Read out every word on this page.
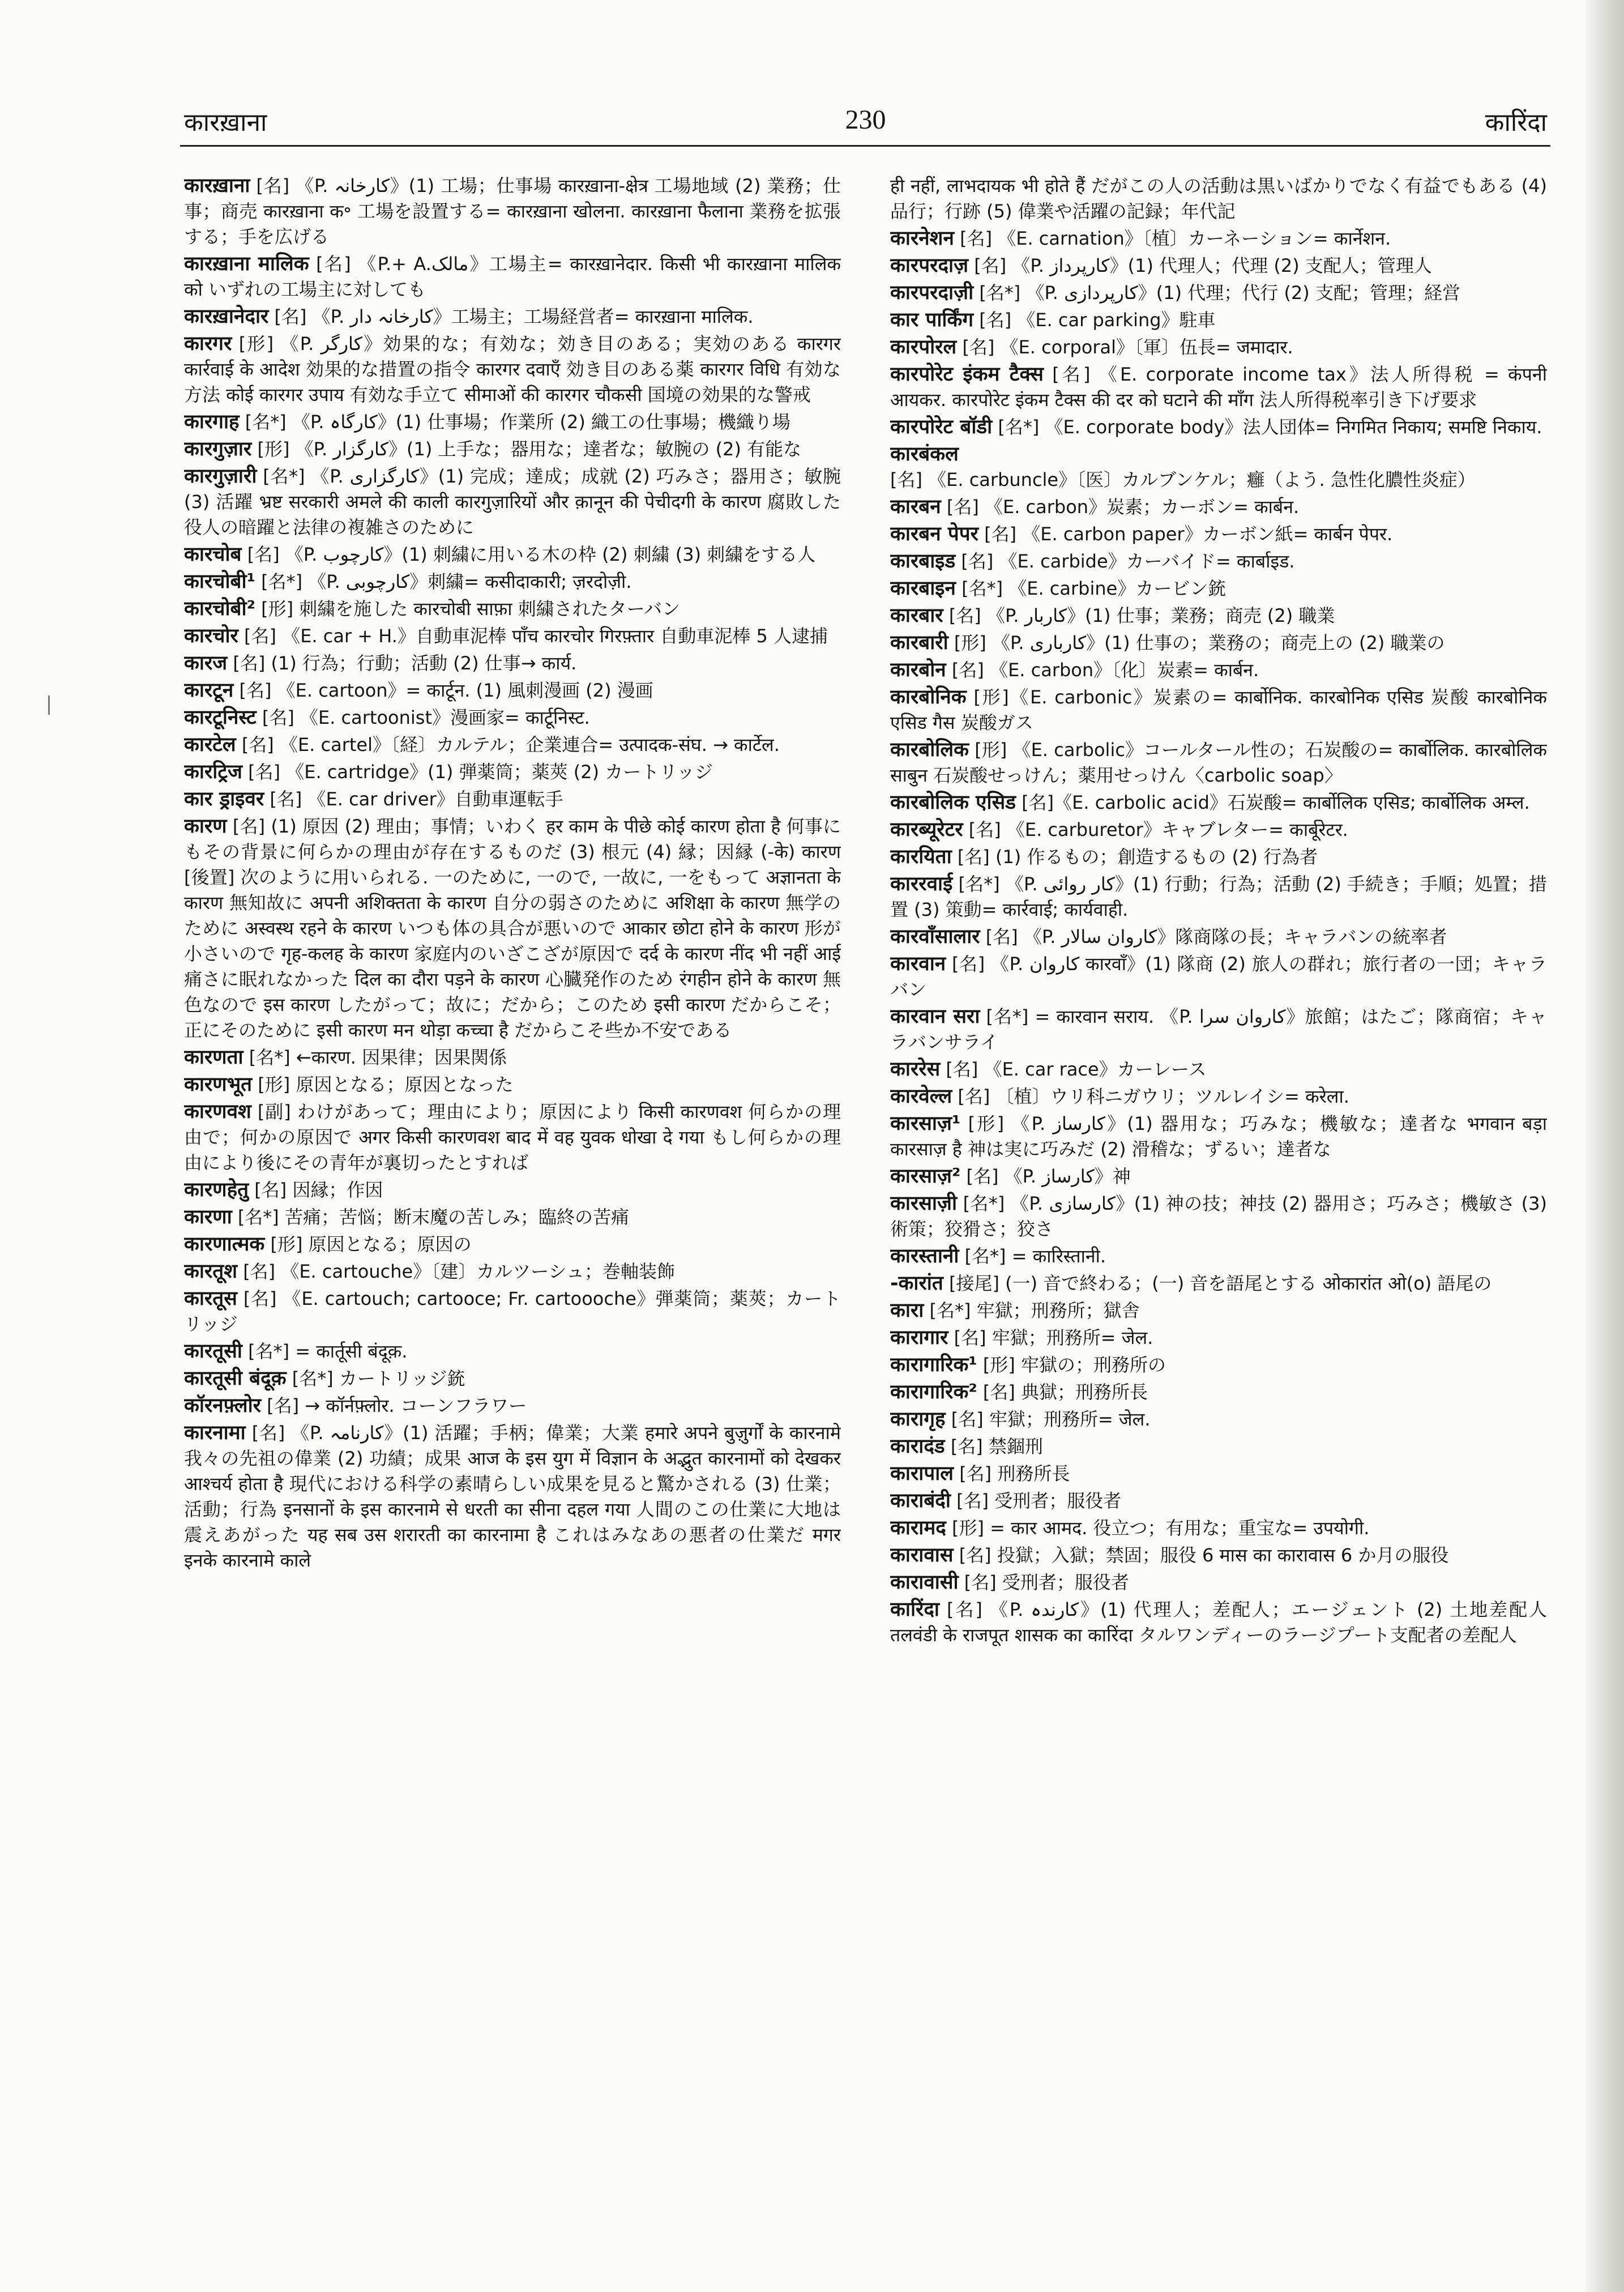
कारख़ाना	230	कारिंदा

कारख़ाना [名] 《P. کارخانہ》(1) 工場；仕事場 कारख़ाना-क्षेत्र 工場地域 (2) 業務；仕事；商売 कारख़ाना क॰ 工場を設置する= कारख़ाना खोलना. कारख़ाना फैलाना 業務を拡張する；手を広げる

कारख़ाना मालिक [名] 《P.+ A.مالک》工場主= कारख़ानेदार. किसी भी कारख़ाना मालिक को いずれの工場主に対しても

कारख़ानेदार [名] 《P. کارخانہ دار》工場主；工場経営者= कारख़ाना मालिक.

कारगर [形] 《P. کارگر》効果的な；有効な；効き目のある；実効のある कारगर कार्रवाई के आदेश 効果的な措置の指令 कारगर दवाएँ 効き目のある薬 कारगर विधि 有効な方法 कोई कारगर उपाय 有効な手立て सीमाओं की कारगर चौकसी 国境の効果的な警戒

कारगाह [名*] 《P. کارگاہ》(1) 仕事場；作業所 (2) 織工の仕事場；機織り場

कारगुज़ार [形] 《P. کارگزار》(1) 上手な；器用な；達者な；敏腕の (2) 有能な

कारगुज़ारी [名*] 《P. کارگزاری》(1) 完成；達成；成就 (2) 巧みさ；器用さ；敏腕 (3) 活躍 भ्रष्ट सरकारी अमले की काली कारगुज़ारियों और क़ानून की पेचीदगी के कारण 腐敗した役人の暗躍と法律の複雑さのために

कारचोब [名] 《P. کارچوب》(1) 刺繍に用いる木の枠 (2) 刺繍 (3) 刺繍をする人

कारचोबी¹ [名*] 《P. کارچوبی》刺繍= कसीदाकारी; ज़रदोज़ी.

कारचोबी² [形] 刺繍を施した कारचोबी साफ़ा 刺繍されたターバン

कारचोर [名] 《E. car + H.》自動車泥棒 पाँच कारचोर गिरफ़्तार 自動車泥棒 5 人逮捕

कारज [名] (1) 行為；行動；活動 (2) 仕事→ कार्य.

कारटून [名] 《E. cartoon》= कार्टून. (1) 風刺漫画 (2) 漫画

कारटूनिस्ट [名] 《E. cartoonist》漫画家= कार्टूनिस्ट.

कारटेल [名] 《E. cartel》〔経〕カルテル；企業連合= उत्पादक-संघ. → कार्टेल.

कारट्रिज [名] 《E. cartridge》(1) 弾薬筒；薬莢 (2) カートリッジ

कार ड्राइवर [名] 《E. car driver》自動車運転手

कारण [名] (1) 原因 (2) 理由；事情；いわく हर काम के पीछे कोई कारण होता है 何事にもその背景に何らかの理由が存在するものだ (3) 根元 (4) 縁；因縁 (-के) कारण [後置] 次のように用いられる. 一のために, 一ので, 一故に, 一をもって अज्ञानता के कारण 無知故に अपनी अशिक्तता के कारण 自分の弱さのために अशिक्षा के कारण 無学のために अस्वस्थ रहने के कारण いつも体の具合が悪いので आकार छोटा होने के कारण 形が小さいので गृह-कलह के कारण 家庭内のいざこざが原因で दर्द के कारण नींद भी नहीं आई 痛さに眠れなかった दिल का दौरा पड़ने के कारण 心臓発作のため रंगहीन होने के कारण 無色なので इस कारण したがって；故に；だから；このため इसी कारण だからこそ；正にそのために इसी कारण मन थोड़ा कच्चा है だからこそ些か不安である

कारणता [名*] ←कारण. 因果律；因果関係

कारणभूत [形] 原因となる；原因となった

कारणवश [副] わけがあって；理由により；原因により किसी कारणवश 何らかの理由で；何かの原因で अगर किसी कारणवश बाद में वह युवक धोखा दे गया もし何らかの理由により後にその青年が裏切ったとすれば

कारणहेतु [名] 因縁；作因

कारणा [名*] 苦痛；苦悩；断末魔の苦しみ；臨終の苦痛

कारणात्मक [形] 原因となる；原因の

कारतूश [名] 《E. cartouche》〔建〕カルツーシュ；巻軸装飾

कारतूस [名] 《E. cartouch; cartooce; Fr. cartoooche》弾薬筒；薬莢；カートリッジ

कारतूसी [名*] = कार्तूसी बंदूक़.

कारतूसी बंदूक़ [名*] カートリッジ銃

कॉरनफ़्लोर [名] → कॉर्नफ़्लोर. コーンフラワー

कारनामा [名] 《P. کارنامہ》(1) 活躍；手柄；偉業；大業 हमारे अपने बुज़ुर्गों के कारनामे 我々の先祖の偉業 (2) 功績；成果 आज के इस युग में विज्ञान के अद्भुत कारनामों को देखकर आश्चर्य होता है 現代における科学の素晴らしい成果を見ると驚かされる (3) 仕業；活動；行為 इनसानों के इस कारनामे से धरती का सीना दहल गया 人間のこの仕業に大地は震えあがった यह सब उस शरारती का कारनामा है これはみなあの悪者の仕業だ मगर इनके कारनामे काले

ही नहीं, लाभदायक भी होते हैं だがこの人の活動は黒いばかりでなく有益でもある (4) 品行；行跡 (5) 偉業や活躍の記録；年代記

कारनेशन [名] 《E. carnation》〔植〕カーネーション= कार्नेशन.

कारपरदाज़ [名] 《P. کارپرداز》(1) 代理人；代理 (2) 支配人；管理人

कारपरदाज़ी [名*] 《P. کارپردازی》(1) 代理；代行 (2) 支配；管理；経営

कार पार्किंग [名] 《E. car parking》駐車

कारपोरल [名] 《E. corporal》〔軍〕伍長= जमादार.

कारपोरेट इंकम टैक्स [名] 《E. corporate income tax》法人所得税 = कंपनी आयकर. कारपोरेट इंकम टैक्स की दर को घटाने की माँग 法人所得税率引き下げ要求

कारपोरेट बॉडी [名*] 《E. corporate body》法人団体= निगमित निकाय; समष्टि निकाय.

कारबंकल [名] 《E. carbuncle》〔医〕カルブンケル；癰（よう. 急性化膿性炎症）

कारबन [名] 《E. carbon》炭素；カーボン= कार्बन.

कारबन पेपर [名] 《E. carbon paper》カーボン紙= कार्बन पेपर.

कारबाइड [名] 《E. carbide》カーバイド= कार्बाइड.

कारबाइन [名*] 《E. carbine》カービン銃

कारबार [名] 《P. کاربار》(1) 仕事；業務；商売 (2) 職業

कारबारी [形] 《P. کارباری》(1) 仕事の；業務の；商売上の (2) 職業の

कारबोन [名] 《E. carbon》〔化〕炭素= कार्बन.

कारबोनिक [形]《E. carbonic》炭素の= कार्बोनिक. कारबोनिक एसिड 炭酸 कारबोनिक एसिड गैस 炭酸ガス

कारबोलिक [形] 《E. carbolic》コールタール性の；石炭酸の= कार्बोलिक. कारबोलिक साबुन 石炭酸せっけん；薬用せっけん〈carbolic soap〉

कारबोलिक एसिड [名]《E. carbolic acid》石炭酸= कार्बोलिक एसिड; कार्बोलिक अम्ल.

कारब्यूरेटर [名] 《E. carburetor》キャブレター= कार्बूरेटर.

कारयिता [名] (1) 作るもの；創造するもの (2) 行為者

काररवाई [名*] 《P. کار روائی》(1) 行動；行為；活動 (2) 手続き；手順；処置；措置 (3) 策動= कार्रवाई; कार्यवाही.

कारवाँसालार [名] 《P. کاروان سالار》隊商隊の長；キャラバンの統率者

कारवान [名] 《P. کاروان कारवाँ》(1) 隊商 (2) 旅人の群れ；旅行者の一団；キャラバン

कारवान सरा [名*] = कारवान सराय. 《P. کاروان سرا》旅館；はたご；隊商宿；キャラバンサライ

काररेस [名] 《E. car race》カーレース

कारवेल्ल [名] 〔植〕ウリ科ニガウリ；ツルレイシ= करेला.

कारसाज़¹ [形] 《P. کارساز》(1) 器用な；巧みな；機敏な；達者な भगवान बड़ा कारसाज़ है 神は実に巧みだ (2) 滑稽な；ずるい；達者な

कारसाज़² [名] 《P. کارساز》神

कारसाज़ी [名*] 《P. کارسازی》(1) 神の技；神技 (2) 器用さ；巧みさ；機敏さ (3) 術策；狡猾さ；狡さ

कारस्तानी [名*] = कारिस्तानी.

-कारांत [接尾] (一) 音で終わる；(一) 音を語尾とする ओकारांत ओ(o) 語尾の

कारा [名*] 牢獄；刑務所；獄舎

कारागार [名] 牢獄；刑務所= जेल.

कारागारिक¹ [形] 牢獄の；刑務所の

कारागारिक² [名] 典獄；刑務所長

कारागृह [名] 牢獄；刑務所= जेल.

कारादंड [名] 禁錮刑

कारापाल [名] 刑務所長

काराबंदी [名] 受刑者；服役者

कारामद [形] = कार आमद. 役立つ；有用な；重宝な= उपयोगी.

कारावास [名] 投獄；入獄；禁固；服役 6 मास का कारावास 6 か月の服役

कारावासी [名] 受刑者；服役者

कारिंदा [名] 《P. کارندہ》(1) 代理人；差配人；エージェント (2) 土地差配人 तलवंडी के राजपूत शासक का कारिंदा タルワンディーのラージプート支配者の差配人
